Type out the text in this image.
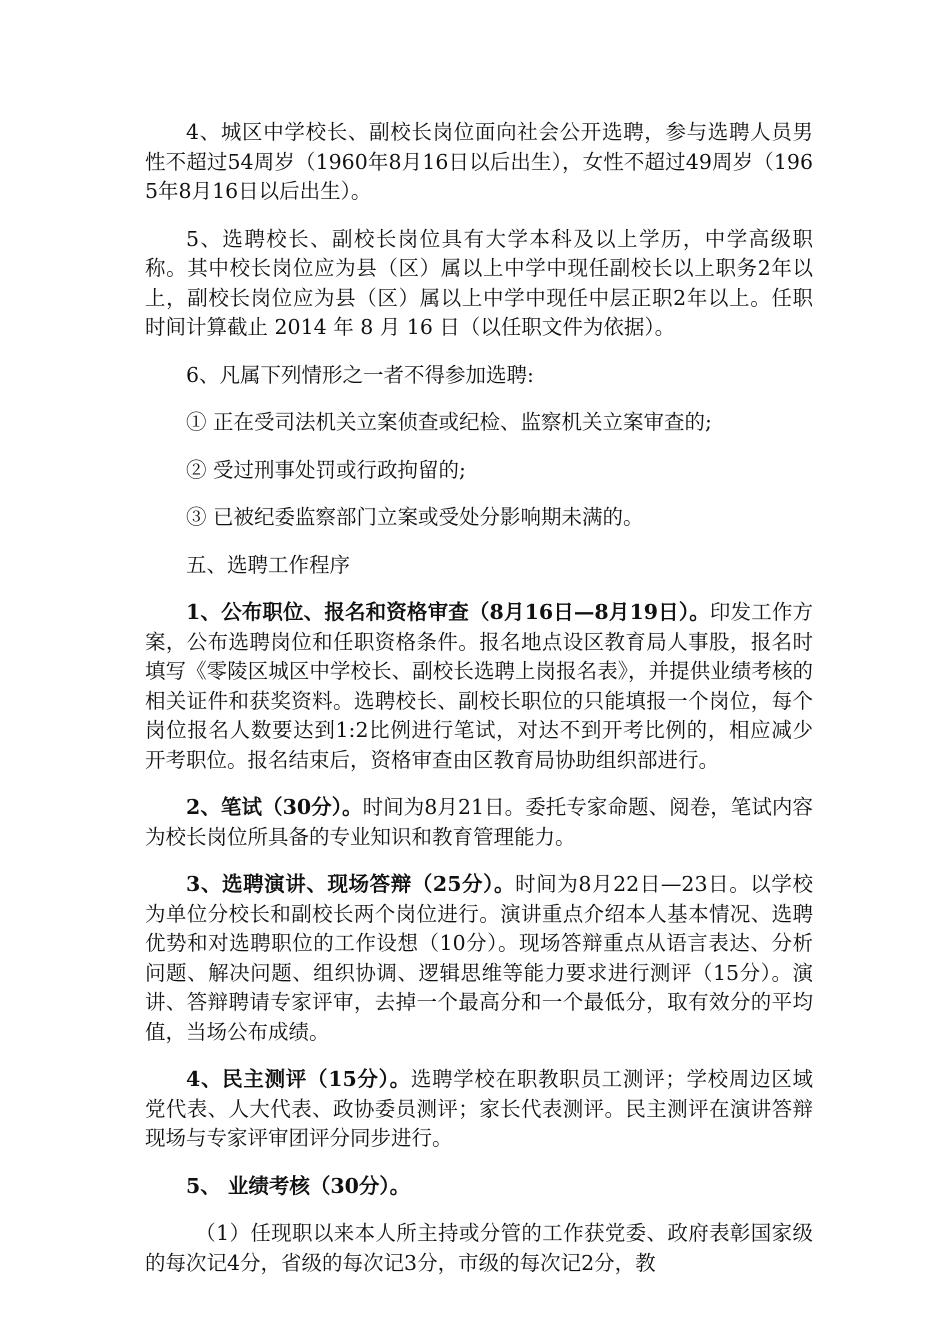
4、城区中学校长、副校长岗位面向社会公开选聘，参与选聘人员男性不超过54周岁（1960年8月16日以后出生），女性不超过49周岁（1965年8月16日以后出生）。

5、选聘校长、副校长岗位具有大学本科及以上学历，中学高级职称。其中校长岗位应为县（区）属以上中学中现任副校长以上职务2年以上，副校长岗位应为县（区）属以上中学中现任中层正职2年以上。任职时间计算截止 2014 年 8 月 16 日（以任职文件为依据）。

6、凡属下列情形之一者不得参加选聘:

① 正在受司法机关立案侦查或纪检、监察机关立案审查的;

② 受过刑事处罚或行政拘留的;

③ 已被纪委监察部门立案或受处分影响期未满的。

五、选聘工作程序

1、公布职位、报名和资格审查（8月16日—8月19日）。印发工作方案，公布选聘岗位和任职资格条件。报名地点设区教育局人事股，报名时填写《零陵区城区中学校长、副校长选聘上岗报名表》，并提供业绩考核的相关证件和获奖资料。选聘校长、副校长职位的只能填报一个岗位，每个岗位报名人数要达到1:2比例进行笔试，对达不到开考比例的，相应减少开考职位。报名结束后，资格审查由区教育局协助组织部进行。

2、笔试（30分）。时间为8月21日。委托专家命题、阅卷，笔试内容为校长岗位所具备的专业知识和教育管理能力。

3、选聘演讲、现场答辩（25分）。时间为8月22日—23日。以学校为单位分校长和副校长两个岗位进行。演讲重点介绍本人基本情况、选聘优势和对选聘职位的工作设想（10分）。现场答辩重点从语言表达、分析问题、解决问题、组织协调、逻辑思维等能力要求进行测评（15分）。演讲、答辩聘请专家评审，去掉一个最高分和一个最低分，取有效分的平均值，当场公布成绩。

4、民主测评（15分）。选聘学校在职教职员工测评；学校周边区域党代表、人大代表、政协委员测评；家长代表测评。民主测评在演讲答辩现场与专家评审团评分同步进行。

5、 业绩考核（30分）。

（1）任现职以来本人所主持或分管的工作获党委、政府表彰国家级的每次记4分，省级的每次记3分，市级的每次记2分，教
